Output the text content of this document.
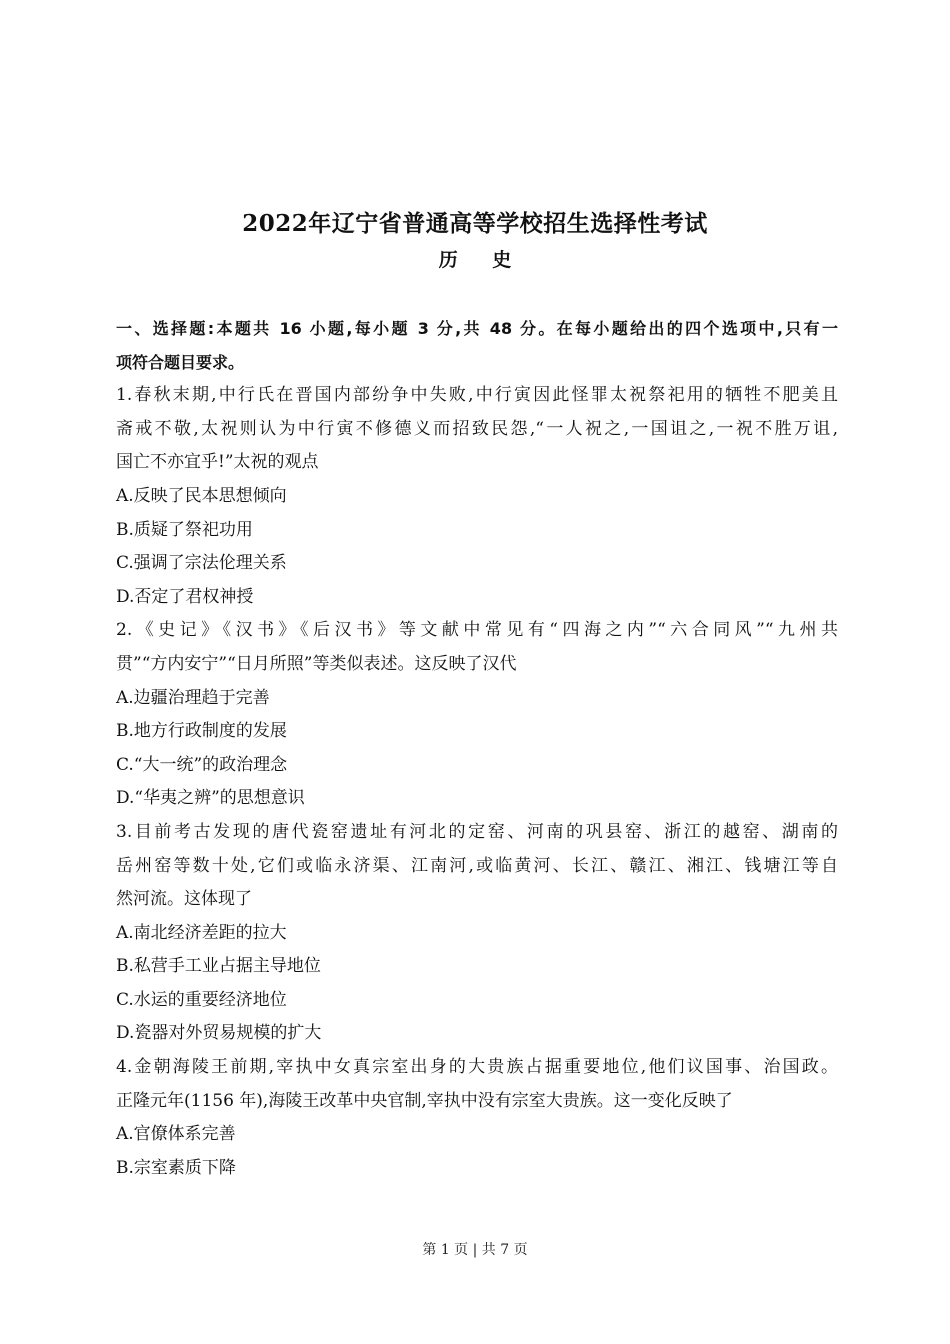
2022年辽宁省普通高等学校招生选择性考试
历 史
一、选择题:本题共 16 小题,每小题 3 分,共 48 分。在每小题给出的四个选项中,只有一
项符合题目要求。
1.春秋末期,中行氏在晋国内部纷争中失败,中行寅因此怪罪太祝祭祀用的牺牲不肥美且
斋戒不敬,太祝则认为中行寅不修德义而招致民怨,“一人祝之,一国诅之,一祝不胜万诅,
国亡不亦宜乎!”太祝的观点
A.反映了民本思想倾向
B.质疑了祭祀功用
C.强调了宗法伦理关系
D.否定了君权神授
2.《史记》《汉书》《后汉书》等文献中常见有“四海之内”“六合同风”“九州共
贯”“方内安宁”“日月所照”等类似表述。这反映了汉代
A.边疆治理趋于完善
B.地方行政制度的发展
C.“大一统”的政治理念
D.“华夷之辨”的思想意识
3.目前考古发现的唐代瓷窑遗址有河北的定窑、河南的巩县窑、浙江的越窑、湖南的
岳州窑等数十处,它们或临永济渠、江南河,或临黄河、长江、赣江、湘江、钱塘江等自
然河流。这体现了
A.南北经济差距的拉大
B.私营手工业占据主导地位
C.水运的重要经济地位
D.瓷器对外贸易规模的扩大
4.金朝海陵王前期,宰执中女真宗室出身的大贵族占据重要地位,他们议国事、治国政。
正隆元年(1156 年),海陵王改革中央官制,宰执中没有宗室大贵族。这一变化反映了
A.官僚体系完善
B.宗室素质下降
第 1 页 | 共 7 页
